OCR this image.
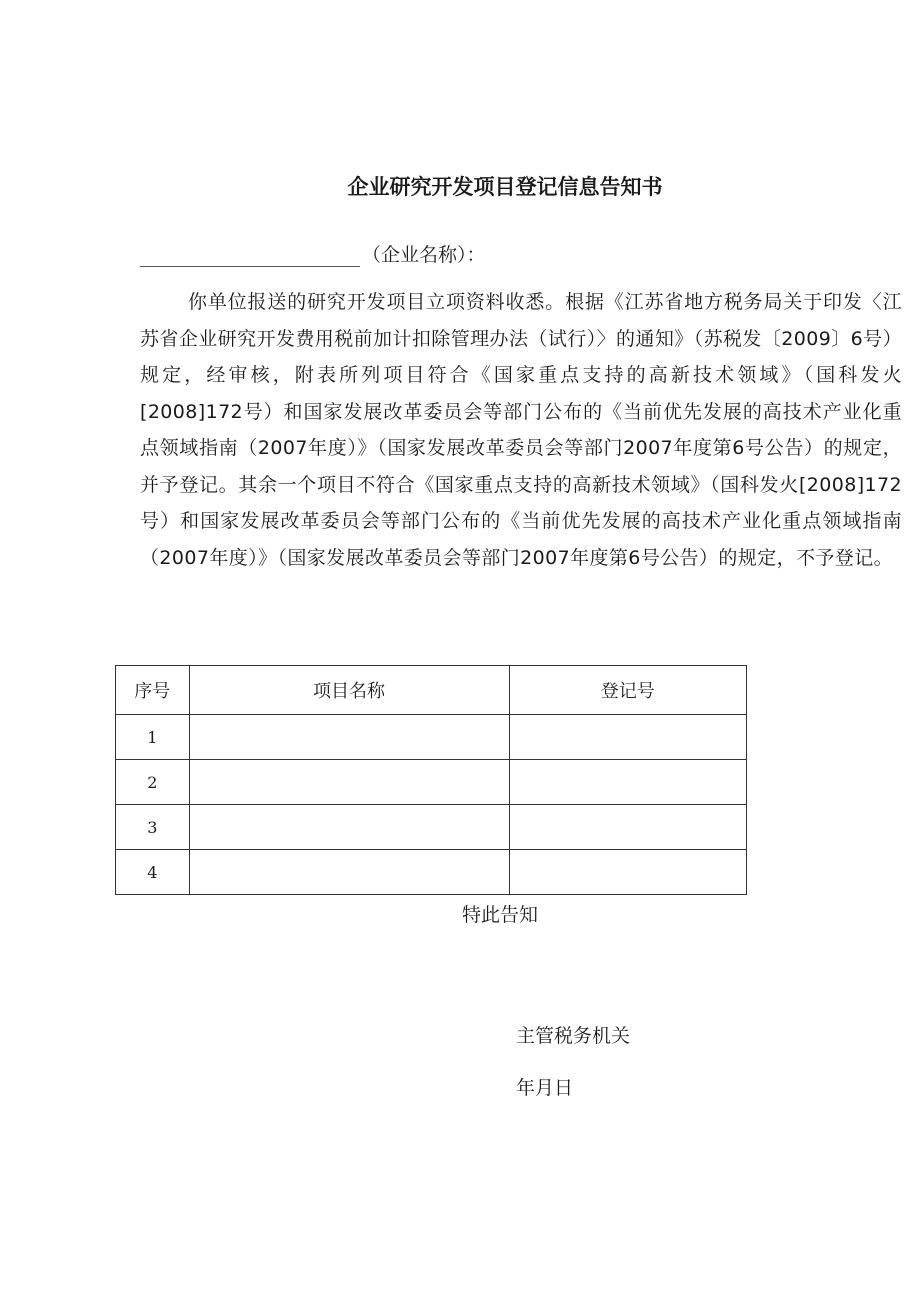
企业研究开发项目登记信息告知书
（企业名称）：

你单位报送的研究开发项目立项资料收悉。根据《江苏省地方税务局关于印发〈江苏省企业研究开发费用税前加计扣除管理办法（试行）〉的通知》（苏税发〔2009〕6号）规定，经审核，附表所列项目符合《国家重点支持的高新技术领域》（国科发火[2008]172号）和国家发展改革委员会等部门公布的《当前优先发展的高技术产业化重点领域指南（2007年度）》（国家发展改革委员会等部门2007年度第6号公告）的规定，并予登记。其余一个项目不符合《国家重点支持的高新技术领域》（国科发火[2008]172号）和国家发展改革委员会等部门公布的《当前优先发展的高技术产业化重点领域指南（2007年度）》（国家发展改革委员会等部门2007年度第6号公告）的规定，不予登记。

序号	项目名称	登记号
1		
2		
3		
4		
特此告知
主管税务机关
年月日
